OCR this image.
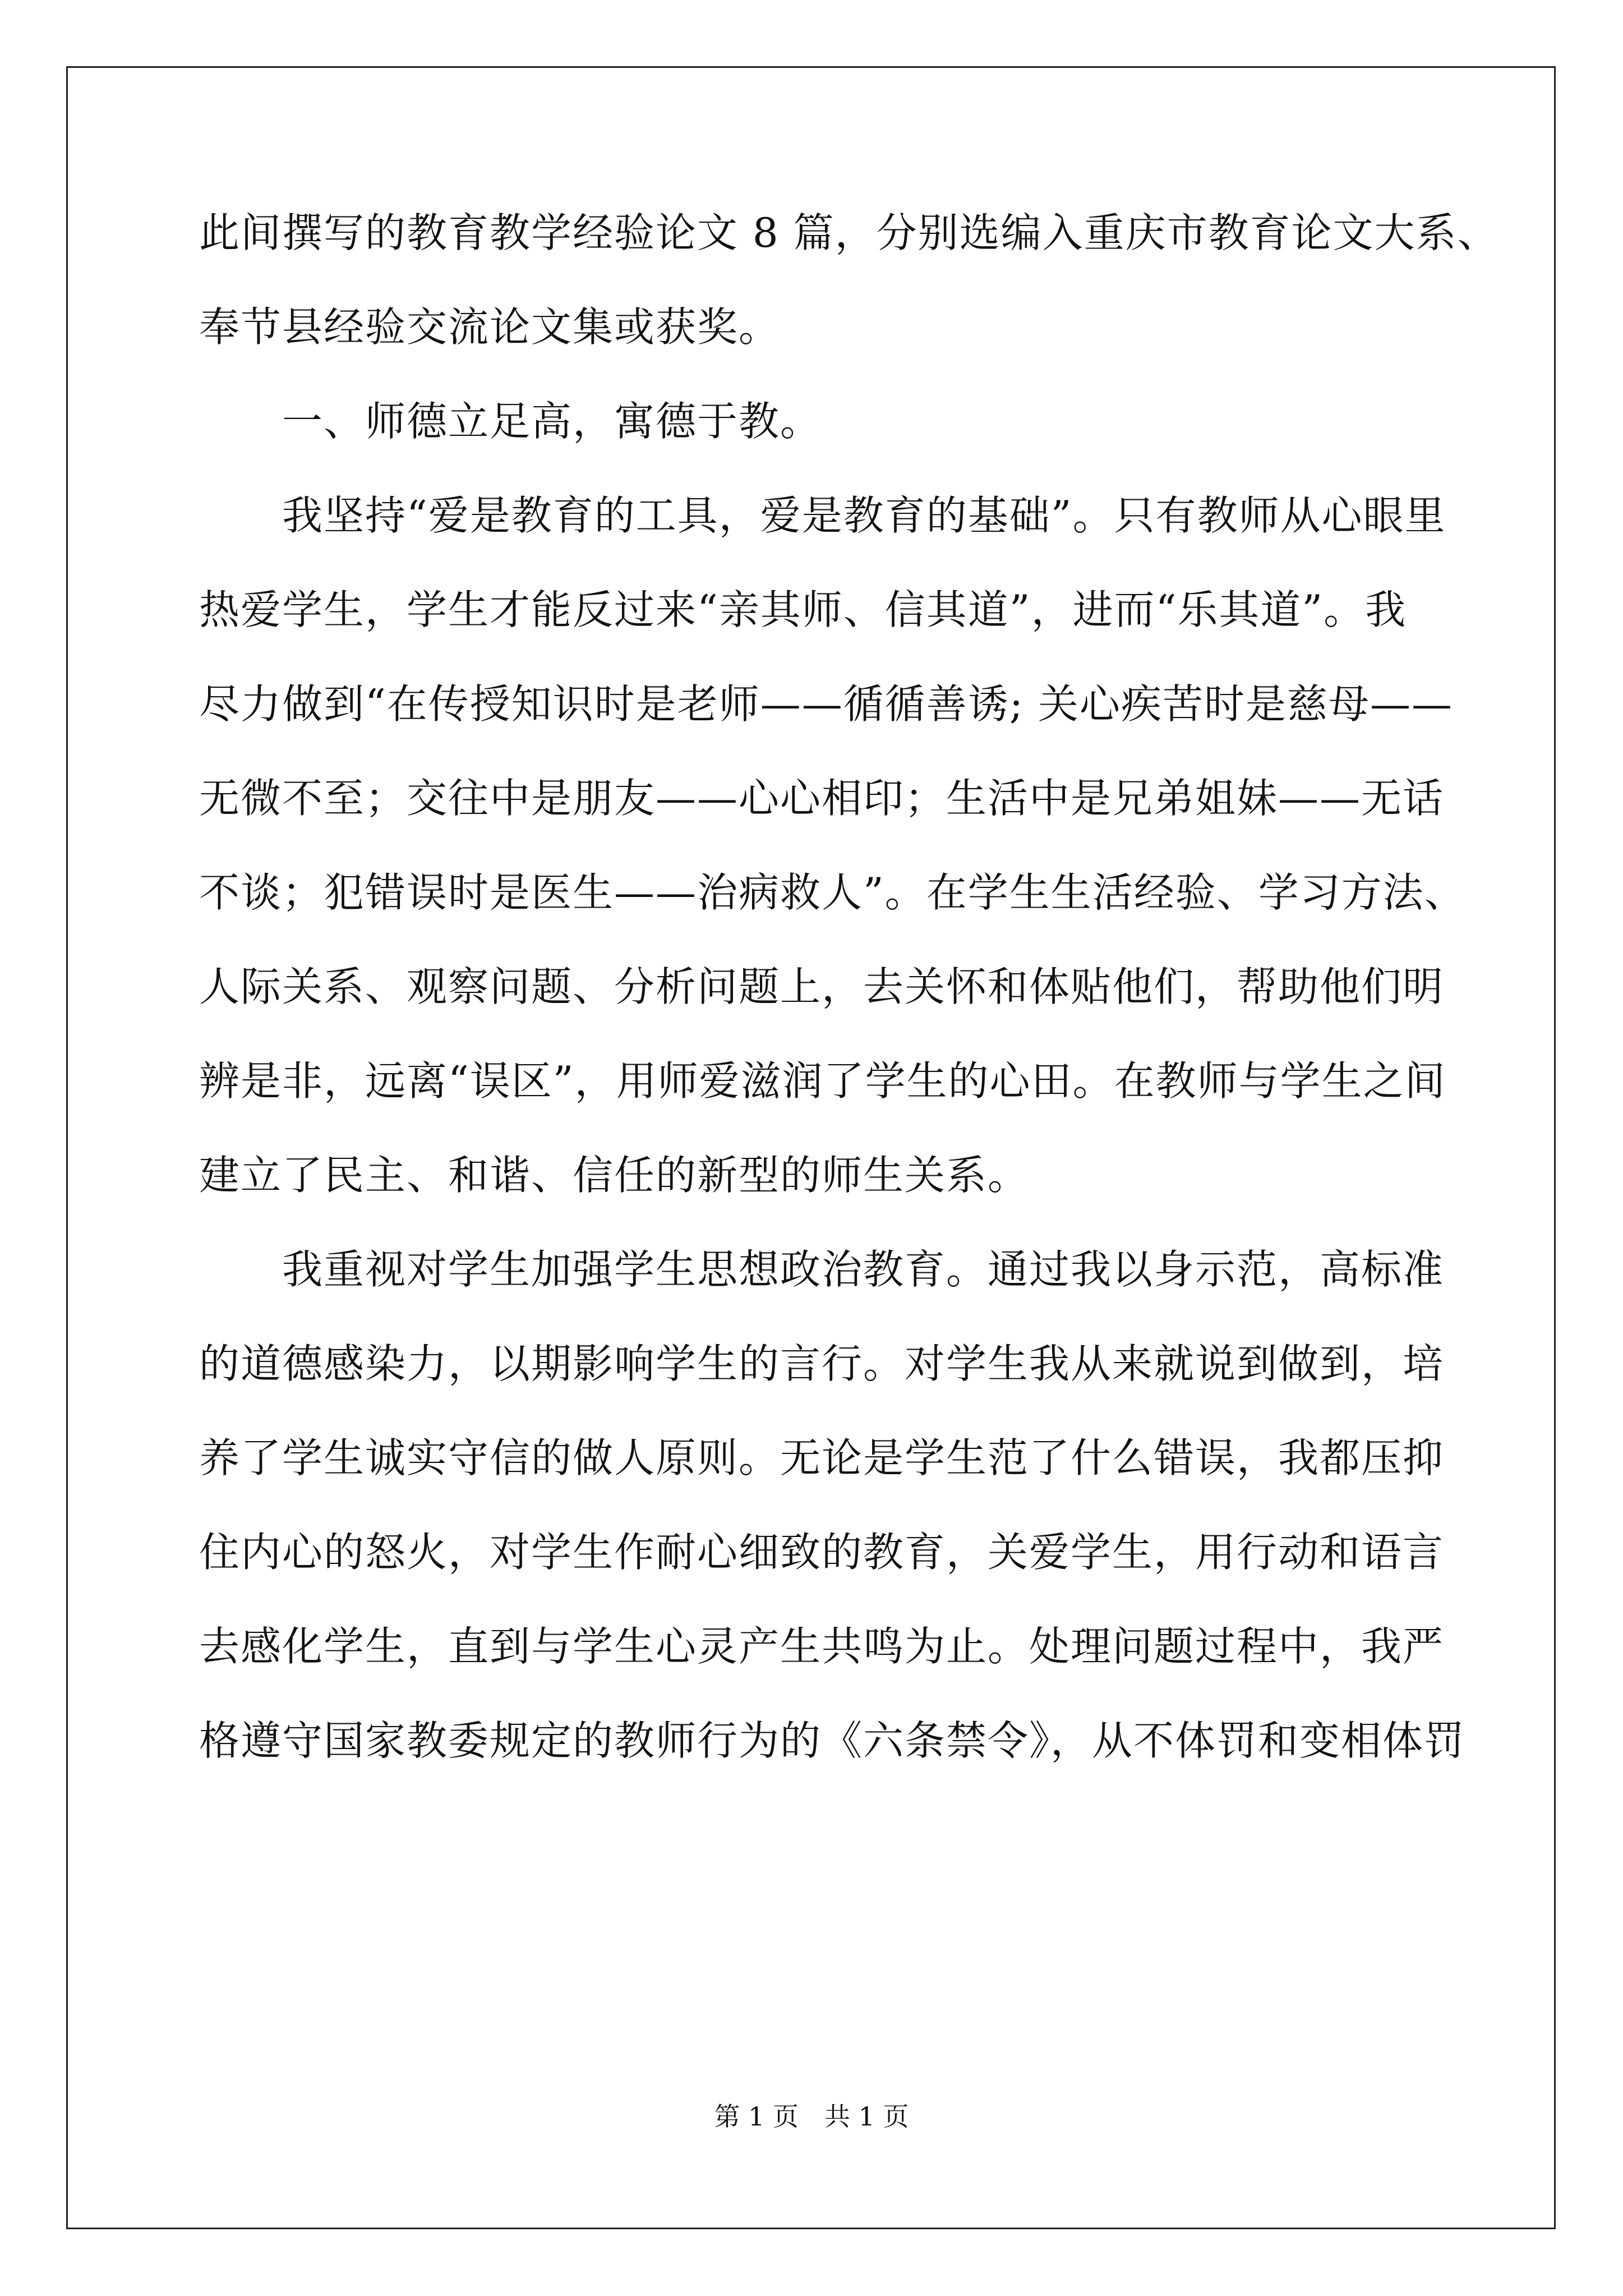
此间撰写的教育教学经验论文 8 篇，分别选编入重庆市教育论文大系、
奉节县经验交流论文集或获奖。
一、师德立足高，寓德于教。
我坚持“爱是教育的工具，爱是教育的基础”。只有教师从心眼里
热爱学生，学生才能反过来“亲其师、信其道”，进而“乐其道”。我
尽力做到“在传授知识时是老师——循循善诱; 关心疾苦时是慈母——
无微不至；交往中是朋友——心心相印；生活中是兄弟姐妹——无话
不谈；犯错误时是医生——治病救人”。在学生生活经验、学习方法、
人际关系、观察问题、分析问题上，去关怀和体贴他们，帮助他们明
辨是非，远离“误区”，用师爱滋润了学生的心田。在教师与学生之间
建立了民主、和谐、信任的新型的师生关系。
我重视对学生加强学生思想政治教育。通过我以身示范，高标准
的道德感染力，以期影响学生的言行。对学生我从来就说到做到，培
养了学生诚实守信的做人原则。无论是学生范了什么错误，我都压抑
住内心的怒火，对学生作耐心细致的教育，关爱学生，用行动和语言
去感化学生，直到与学生心灵产生共鸣为止。处理问题过程中，我严
格遵守国家教委规定的教师行为的《六条禁令》，从不体罚和变相体罚
第 1 页　共 1 页
